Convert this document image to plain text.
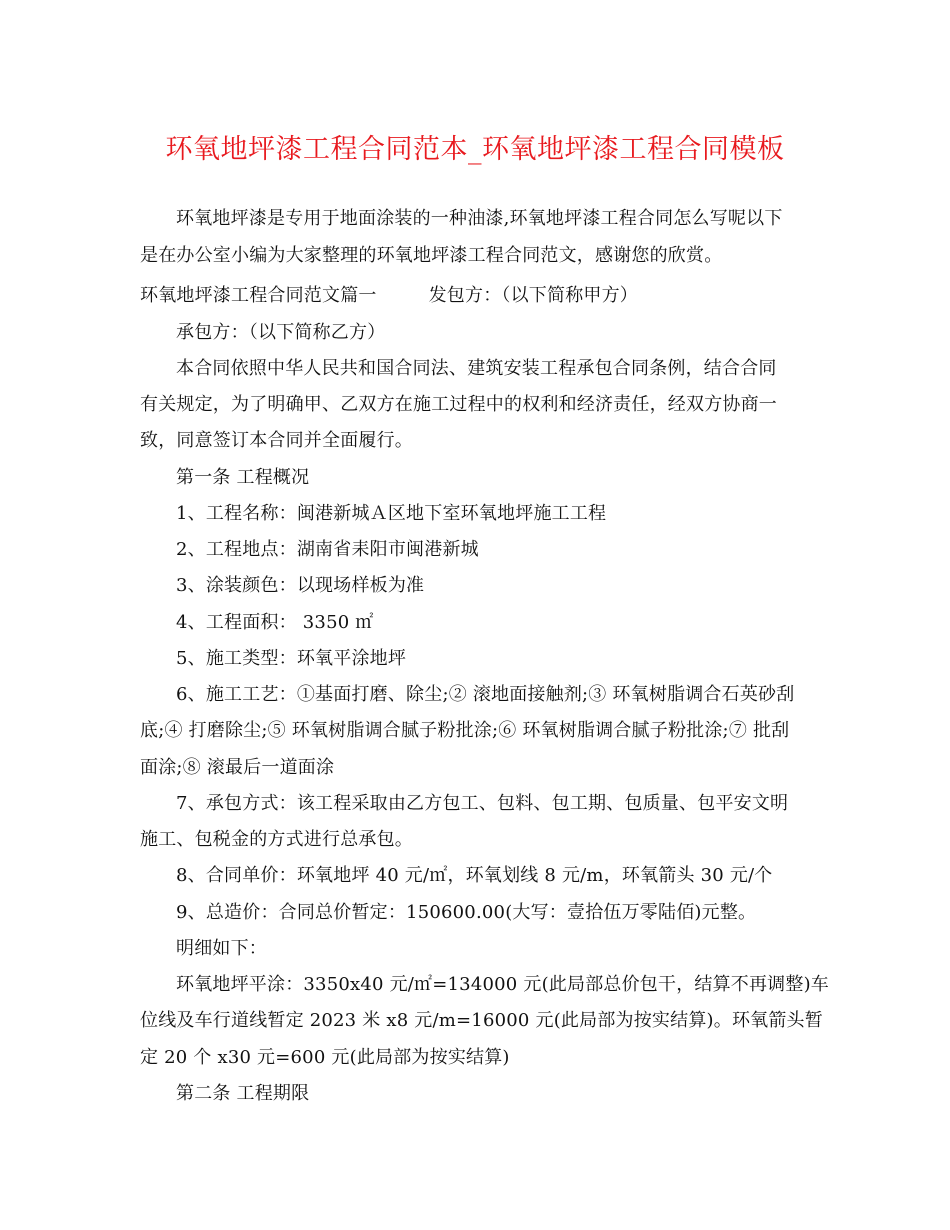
环氧地坪漆工程合同范本_环氧地坪漆工程合同模板
环氧地坪漆是专用于地面涂装的一种油漆,环氧地坪漆工程合同怎么写呢以下
是在办公室小编为大家整理的环氧地坪漆工程合同范文，感谢您的欣赏。
环氧地坪漆工程合同范文篇一	发包方：（以下简称甲方）
承包方：（以下简称乙方）
本合同依照中华人民共和国合同法、建筑安装工程承包合同条例，结合合同
有关规定，为了明确甲、乙双方在施工过程中的权利和经济责任，经双方协商一
致，同意签订本合同并全面履行。
第一条 工程概况
1、工程名称：闽港新城Ａ区地下室环氧地坪施工工程
2、工程地点：湖南省耒阳市闽港新城
3、涂装颜色：以现场样板为准
4、工程面积： 3350 ㎡
5、施工类型：环氧平涂地坪
6、施工工艺：①基面打磨、除尘;② 滚地面接触剂;③ 环氧树脂调合石英砂刮
底;④ 打磨除尘;⑤ 环氧树脂调合腻子粉批涂;⑥ 环氧树脂调合腻子粉批涂;⑦ 批刮
面涂;⑧ 滚最后一道面涂
7、承包方式：该工程采取由乙方包工、包料、包工期、包质量、包平安文明
施工、包税金的方式进行总承包。
8、合同单价：环氧地坪 40 元/㎡，环氧划线 8 元/m，环氧箭头 30 元/个
9、总造价：合同总价暂定：150600.00(大写：壹拾伍万零陆佰)元整。
明细如下：
环氧地坪平涂：3350x40 元/㎡=134000 元(此局部总价包干，结算不再调整)车
位线及车行道线暂定 2023 米 x8 元/m=16000 元(此局部为按实结算)。环氧箭头暂
定 20 个 x30 元=600 元(此局部为按实结算)
第二条 工程期限
